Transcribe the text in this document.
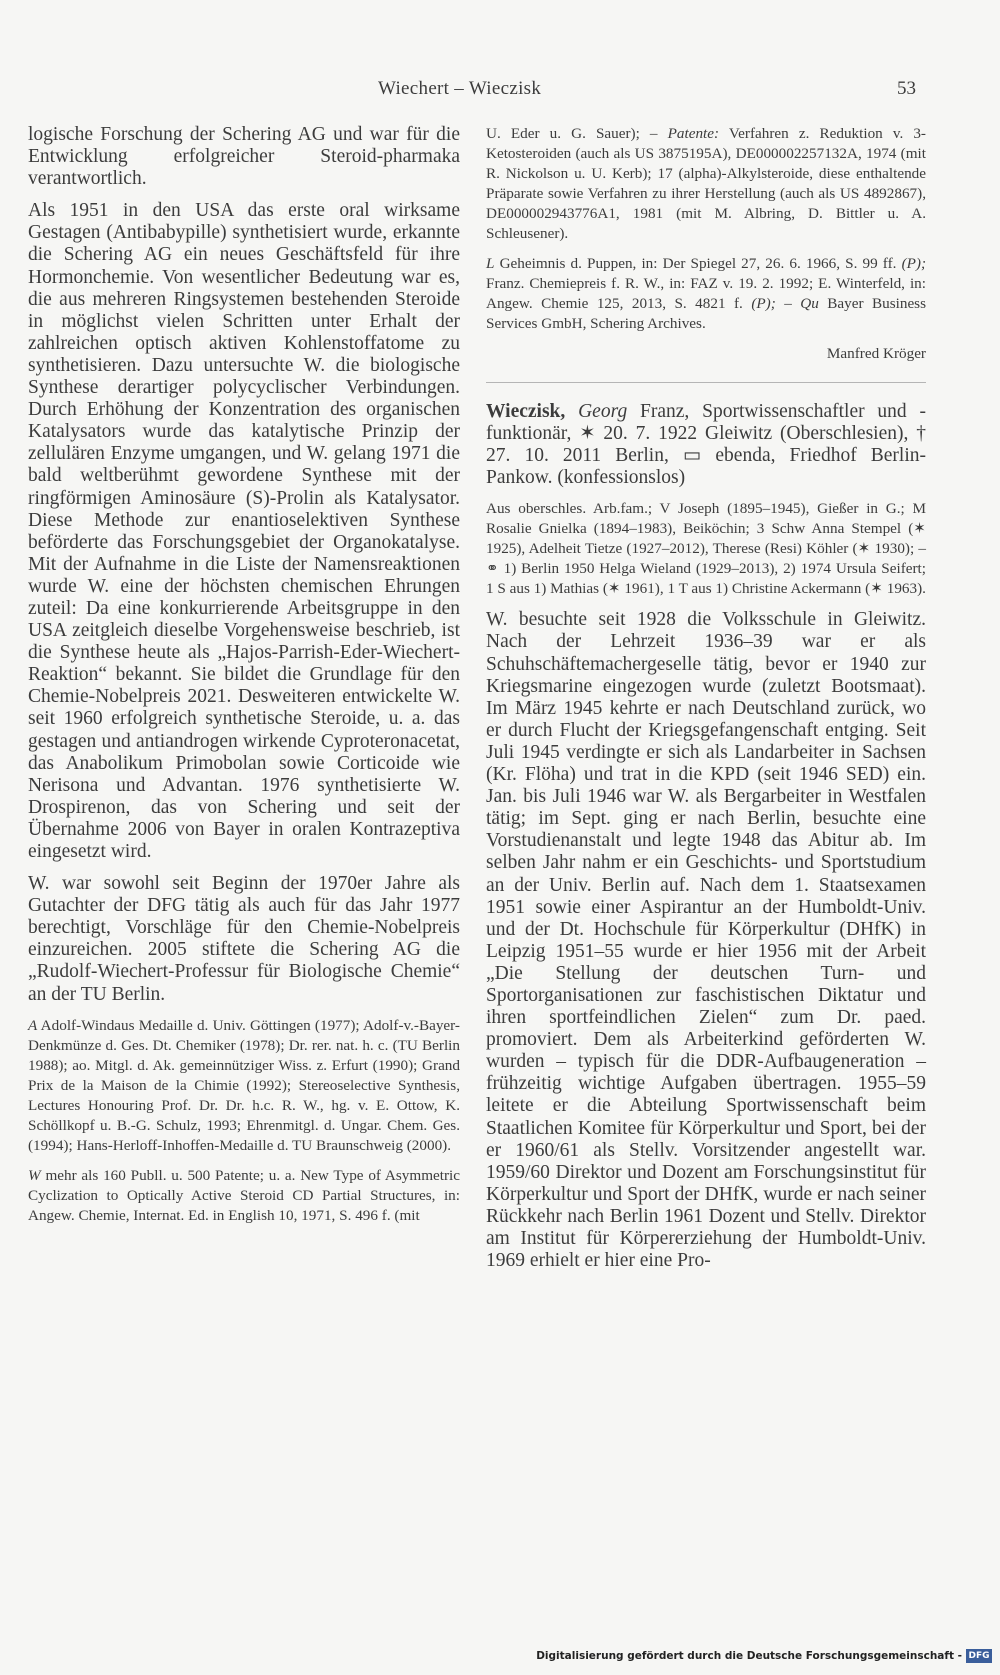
Wiechert – Wieczisk	53

logische Forschung der Schering AG und war für die Entwicklung erfolgreicher Steroid-pharmaka verantwortlich.

Als 1951 in den USA das erste oral wirksame Gestagen (Antibabypille) synthetisiert wurde, erkannte die Schering AG ein neues Geschäftsfeld für ihre Hormonchemie. Von wesentlicher Bedeutung war es, die aus mehreren Ringsystemen bestehenden Steroide in möglichst vielen Schritten unter Erhalt der zahlreichen optisch aktiven Kohlenstoffatome zu synthetisieren. Dazu untersuchte W. die biologische Synthese derartiger polycyclischer Verbindungen. Durch Erhöhung der Konzentration des organischen Katalysators wurde das katalytische Prinzip der zellulären Enzyme umgangen, und W. gelang 1971 die bald weltberühmt gewordene Synthese mit der ringförmigen Aminosäure (S)-Prolin als Katalysator. Diese Methode zur enantioselektiven Synthese beförderte das Forschungsgebiet der Organokatalyse. Mit der Aufnahme in die Liste der Namensreaktionen wurde W. eine der höchsten chemischen Ehrungen zuteil: Da eine konkurrierende Arbeitsgruppe in den USA zeitgleich dieselbe Vorgehensweise beschrieb, ist die Synthese heute als „Hajos-Parrish-Eder-Wiechert-Reaktion“ bekannt. Sie bildet die Grundlage für den Chemie-Nobelpreis 2021. Desweiteren entwickelte W. seit 1960 erfolgreich synthetische Steroide, u. a. das gestagen und antiandrogen wirkende Cyproteronacetat, das Anabolikum Primobolan sowie Corticoide wie Nerisona und Advantan. 1976 synthetisierte W. Drospirenon, das von Schering und seit der Übernahme 2006 von Bayer in oralen Kontrazeptiva eingesetzt wird.

W. war sowohl seit Beginn der 1970er Jahre als Gutachter der DFG tätig als auch für das Jahr 1977 berechtigt, Vorschläge für den Chemie-Nobelpreis einzureichen. 2005 stiftete die Schering AG die „Rudolf-Wiechert-Professur für Biologische Chemie“ an der TU Berlin.

A Adolf-Windaus Medaille d. Univ. Göttingen (1977); Adolf-v.-Bayer-Denkmünze d. Ges. Dt. Chemiker (1978); Dr. rer. nat. h. c. (TU Berlin 1988); ao. Mitgl. d. Ak. gemeinnütziger Wiss. z. Erfurt (1990); Grand Prix de la Maison de la Chimie (1992); Stereoselective Synthesis, Lectures Honouring Prof. Dr. Dr. h.c. R. W., hg. v. E. Ottow, K. Schöllkopf u. B.-G. Schulz, 1993; Ehrenmitgl. d. Ungar. Chem. Ges. (1994); Hans-Herloff-Inhoffen-Medaille d. TU Braunschweig (2000).

W mehr als 160 Publl. u. 500 Patente; u. a. New Type of Asymmetric Cyclization to Optically Active Steroid CD Partial Structures, in: Angew. Chemie, Internat. Ed. in English 10, 1971, S. 496 f. (mit

U. Eder u. G. Sauer); – Patente: Verfahren z. Reduktion v. 3-Ketosteroiden (auch als US 3875195A), DE000002257132A, 1974 (mit R. Nickolson u. U. Kerb); 17 (alpha)-Alkylsteroide, diese enthaltende Präparate sowie Verfahren zu ihrer Herstellung (auch als US 4892867), DE000002943776A1, 1981 (mit M. Albring, D. Bittler u. A. Schleusener).

L Geheimnis d. Puppen, in: Der Spiegel 27, 26. 6. 1966, S. 99 ff. (P); Franz. Chemiepreis f. R. W., in: FAZ v. 19. 2. 1992; E. Winterfeld, in: Angew. Chemie 125, 2013, S. 4821 f. (P); – Qu Bayer Business Services GmbH, Schering Archives.

Manfred Kröger

Wieczisk, Georg Franz, Sportwissenschaftler und -funktionär, ✶ 20. 7. 1922 Gleiwitz (Oberschlesien), † 27. 10. 2011 Berlin, ▭ ebenda, Friedhof Berlin-Pankow. (konfessionslos)

Aus oberschles. Arb.fam.; V Joseph (1895–1945), Gießer in G.; M Rosalie Gnielka (1894–1983), Beiköchin; 3 Schw Anna Stempel (✶ 1925), Adelheit Tietze (1927–2012), Therese (Resi) Köhler (✶ 1930); – ⚭ 1) Berlin 1950 Helga Wieland (1929–2013), 2) 1974 Ursula Seifert; 1 S aus 1) Mathias (✶ 1961), 1 T aus 1) Christine Ackermann (✶ 1963).

W. besuchte seit 1928 die Volksschule in Gleiwitz. Nach der Lehrzeit 1936–39 war er als Schuhschäftemachergeselle tätig, bevor er 1940 zur Kriegsmarine eingezogen wurde (zuletzt Bootsmaat). Im März 1945 kehrte er nach Deutschland zurück, wo er durch Flucht der Kriegsgefangenschaft entging. Seit Juli 1945 verdingte er sich als Landarbeiter in Sachsen (Kr. Flöha) und trat in die KPD (seit 1946 SED) ein. Jan. bis Juli 1946 war W. als Bergarbeiter in Westfalen tätig; im Sept. ging er nach Berlin, besuchte eine Vorstudienanstalt und legte 1948 das Abitur ab. Im selben Jahr nahm er ein Geschichts- und Sportstudium an der Univ. Berlin auf. Nach dem 1. Staatsexamen 1951 sowie einer Aspirantur an der Humboldt-Univ. und der Dt. Hochschule für Körperkultur (DHfK) in Leipzig 1951–55 wurde er hier 1956 mit der Arbeit „Die Stellung der deutschen Turn- und Sportorganisationen zur faschistischen Diktatur und ihren sportfeindlichen Zielen“ zum Dr. paed. promoviert. Dem als Arbeiterkind geförderten W. wurden – typisch für die DDR-Aufbaugeneration – frühzeitig wichtige Aufgaben übertragen. 1955–59 leitete er die Abteilung Sportwissenschaft beim Staatlichen Komitee für Körperkultur und Sport, bei der er 1960/61 als Stellv. Vorsitzender angestellt war. 1959/60 Direktor und Dozent am Forschungsinstitut für Körperkultur und Sport der DHfK, wurde er nach seiner Rückkehr nach Berlin 1961 Dozent und Stellv. Direktor am Institut für Körpererziehung der Humboldt-Univ. 1969 erhielt er hier eine Pro-

Digitalisierung gefördert durch die Deutsche Forschungsgemeinschaft - DFG
